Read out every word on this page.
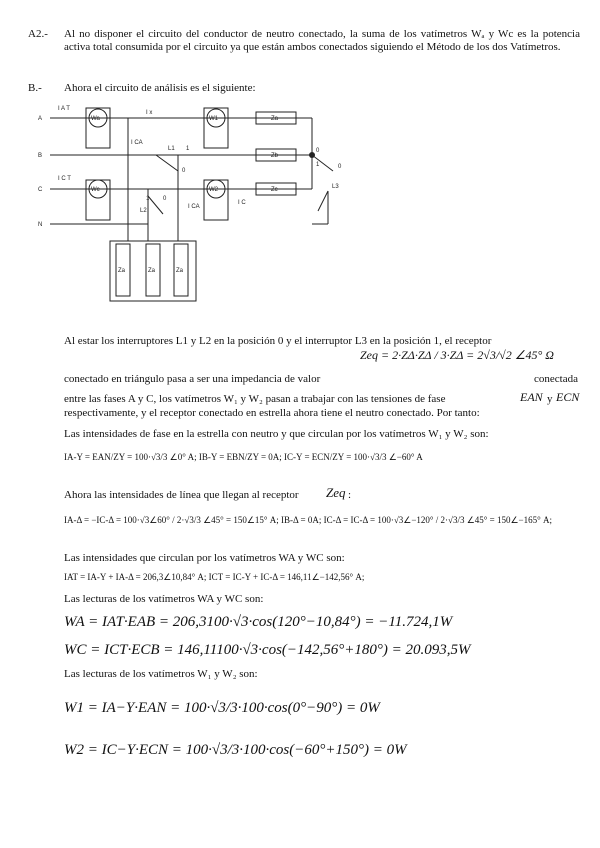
A2.- Al no disponer el circuito del conductor de neutro conectado, la suma de los vatímetros Wₐ y Wc es la potencia activa total consumida por el circuito ya que están ambos conectados siguiendo el Método de los dos Vatímetros.
B.- Ahora el circuito de análisis es el siguiente:
A
B
C
N
Wa	W1
Wc	W2
Za
Zb
Zc
Za	Za	Za
I A T
I x
I CA
I C T
I CA
I C
L1 1
0
1 0
L2
0
1	0
L3
Al estar los interruptores L1 y L2 en la posición 0 y el interruptor L3 en la posición 1, el receptor
conectado en triángulo pasa a ser una impedancia de valor
Zeq = 2·ZΔ·ZΔ / 3·ZΔ = 2√3/√2 ∠45° Ω
conectada
entre las fases A y C, los vatímetros W₁ y W₂ pasan a trabajar con las tensiones de fase	EAN y ECN
respectivamente, y el receptor conectado en estrella ahora tiene el neutro conectado. Por tanto:
Las intensidades de fase en la estrella con neutro y que circulan por los vatímetros W₁ y W₂ son:
IA-Y = EAN/ZY = 100·√3/3 ∠0° A; IB-Y = EBN/ZY = 0A; IC-Y = ECN/ZY = 100·√3/3 ∠−60° A
Ahora las intensidades de línea que llegan al receptor Zeq :
IA-Δ = −IC-Δ = 100·√3∠60° / 2·√3/3 ∠45° = 150∠15° A; IB-Δ = 0A; IC-Δ = IC-Δ = 100·√3∠−120° / 2·√3/3 ∠45° = 150∠−165° A;
Las intensidades que circulan por los vatímetros WA y WC son:
IAT = IA-Y + IA-Δ = 206,3∠10,84° A; ICT = IC-Y + IC-Δ = 146,11∠−142,56° A;
Las lecturas de los vatímetros WA y WC son:
WA = IAT·EAB = 206,3100·√3·cos(120°−10,84°) = −11.724,1W
WC = ICT·ECB = 146,11100·√3·cos(−142,56°+180°) = 20.093,5W
Las lecturas de los vatímetros W₁ y W₂ son:
W1 = IA−Y·EAN = 100·√3/3·100·cos(0°−90°) = 0W
W2 = IC−Y·ECN = 100·√3/3·100·cos(−60°+150°) = 0W
